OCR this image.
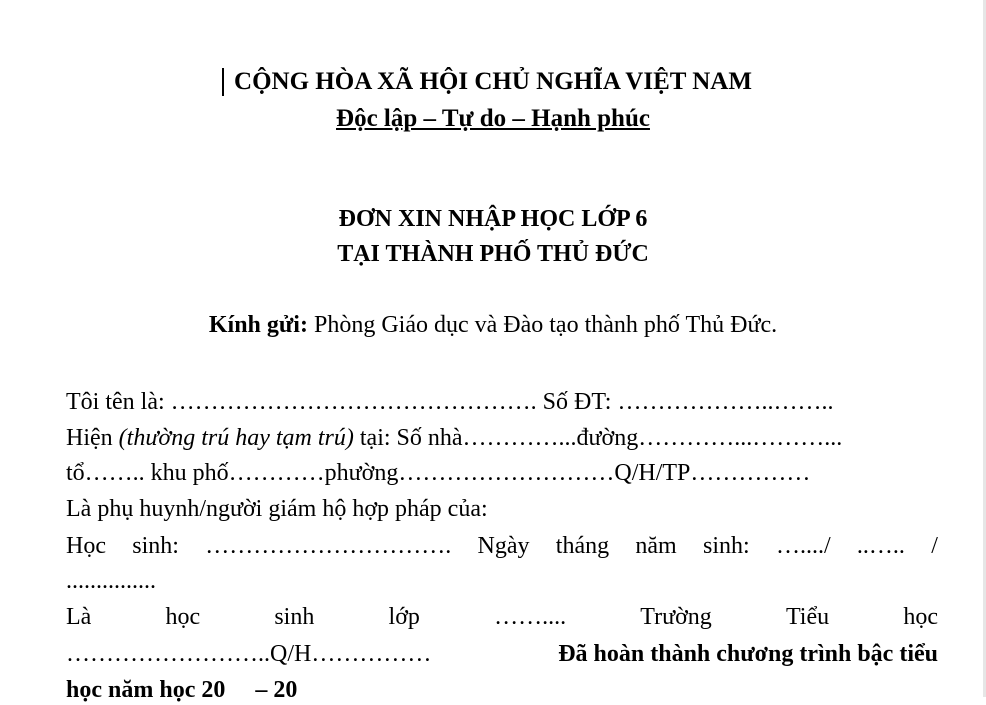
CỘNG HÒA XÃ HỘI CHỦ NGHĨA VIỆT NAM
Độc lập – Tự do – Hạnh phúc
ĐƠN XIN NHẬP HỌC LỚP 6
TẠI THÀNH PHỐ THỦ ĐỨC
Kính gửi: Phòng Giáo dục và Đào tạo thành phố Thủ Đức.
Tôi tên là: ………………………………………. Số ĐT: ………………..……..
Hiện (thường trú hay tạm trú) tại: Số nhà…………...đường…………...………...
tổ…….. khu phố…………phường………………………Q/H/TP……………
Là phụ huynh/người giám hộ hợp pháp của:
Học sinh: …………………………. Ngày tháng năm sinh: …..../ ..….. /
...............
Là	học	sinh	lớp	……....	Trường	Tiểu	học
……………………..Q/H……………	Đã hoàn thành chương trình bậc tiểu
học năm học 20     – 20
